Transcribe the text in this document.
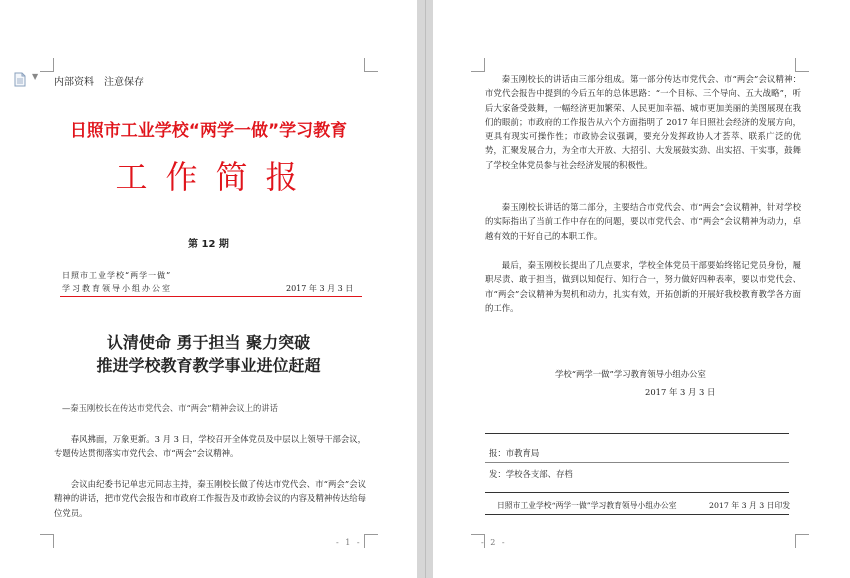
▼
内部资料　注意保存
日照市工业学校“两学一做”学习教育
工作简报
第 12 期
日照市工业学校“两学一做”
学习教育领导小组办公室	2017 年 3 月 3 日
认清使命 勇于担当 聚力突破
推进学校教育教学事业进位赶超
—秦玉刚校长在传达市党代会、市“两会”精神会议上的讲话

春风拂面，万象更新。3 月 3 日，学校召开全体党员及中层以上领导干部会议，专题传达贯彻落实市党代会、市“两会”会议精神。

会议由纪委书记单忠元同志主持，秦玉刚校长做了传达市党代会、市“两会”会议精神的讲话，把市党代会报告和市政府工作报告及市政协会议的内容及精神传达给每位党员。

- 1 -

秦玉刚校长的讲话由三部分组成。第一部分传达市党代会、市“两会”会议精神：市党代会报告中提到的今后五年的总体思路：“一个目标、三个导向、五大战略”，听后大家备受鼓舞，一幅经济更加繁荣、人民更加幸福、城市更加美丽的美图展现在我们的眼前；市政府的工作报告从六个方面指明了 2017 年日照社会经济的发展方向，更具有现实可操作性；市政协会议强调，要充分发挥政协人才荟萃、联系广泛的优势，汇聚发展合力，为全市大开放、大招引、大发展鼓实劲、出实招、干实事，鼓舞了学校全体党员参与社会经济发展的积极性。

秦玉刚校长讲话的第二部分，主要结合市党代会、市“两会”会议精神，针对学校的实际指出了当前工作中存在的问题，要以市党代会、市“两会”会议精神为动力，卓越有效的干好自己的本职工作。

最后，秦玉刚校长提出了几点要求，学校全体党员干部要始终铭记党员身份，履职尽责、敢于担当，做到以知促行、知行合一，努力做好四种表率，要以市党代会、市“两会”会议精神为契机和动力，扎实有效，开拓创新的开展好我校教育教学各方面的工作。

学校“两学一做”学习教育领导小组办公室
2017 年 3 月 3 日
报：市教育局
发：学校各支部、存档
日照市工业学校“两学一做”学习教育领导小组办公室	2017 年 3 月 3 日印发
- 2 -
